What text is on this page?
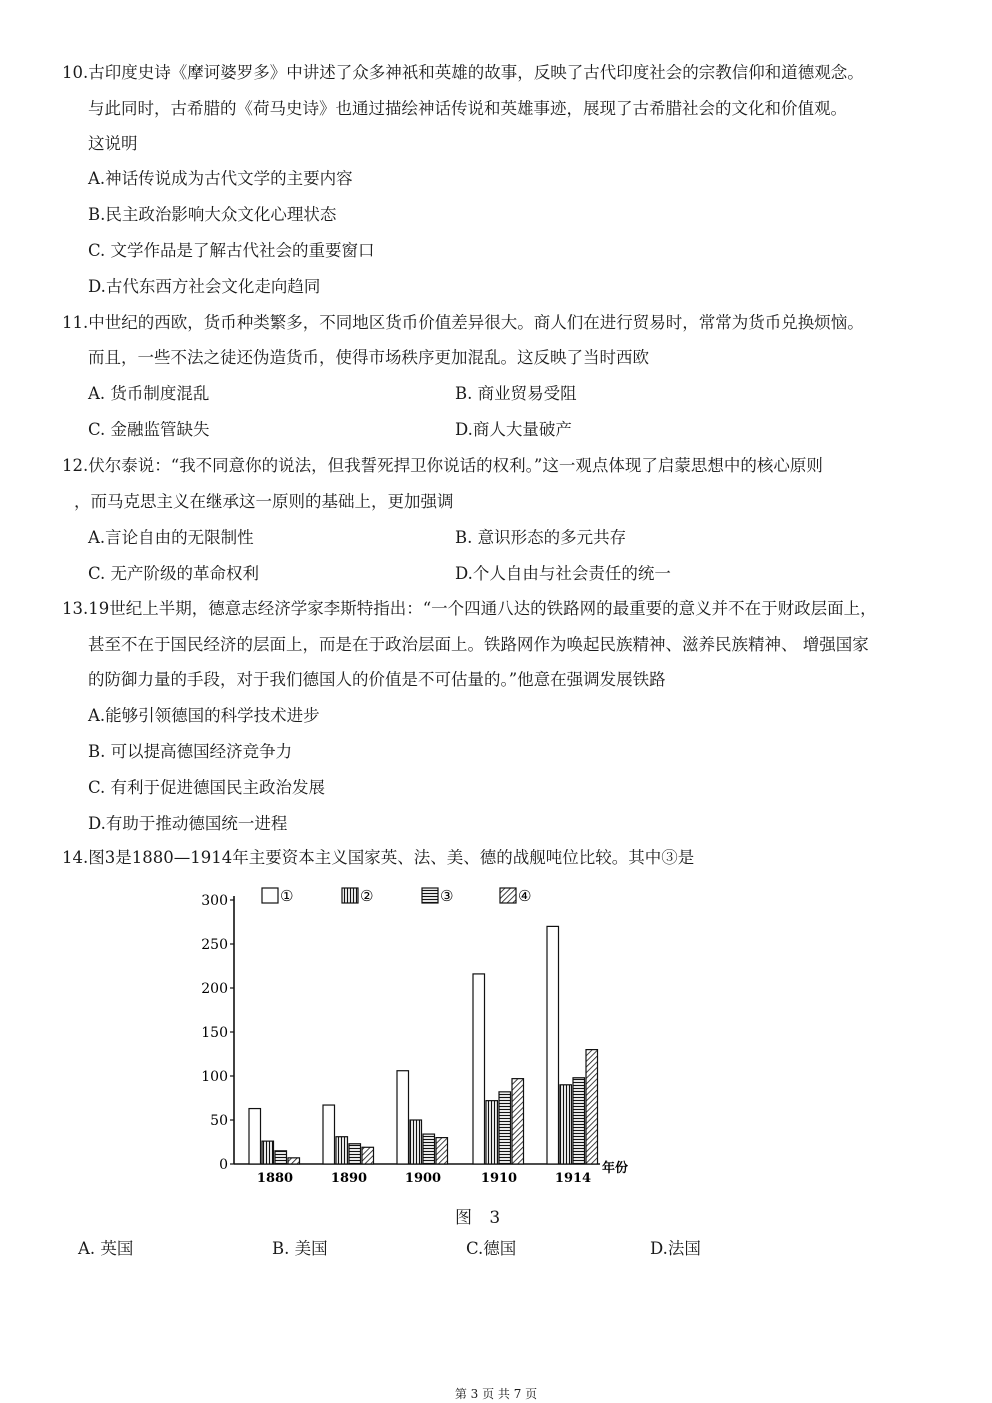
10.古印度史诗《摩诃婆罗多》中讲述了众多神祇和英雄的故事，反映了古代印度社会的宗教信仰和道德观念。
与此同时，古希腊的《荷马史诗》也通过描绘神话传说和英雄事迹，展现了古希腊社会的文化和价值观。
这说明
A.神话传说成为古代文学的主要内容
B.民主政治影响大众文化心理状态
C. 文学作品是了解古代社会的重要窗口
D.古代东西方社会文化走向趋同
11.中世纪的西欧，货币种类繁多，不同地区货币价值差异很大。商人们在进行贸易时，常常为货币兑换烦恼。
而且，一些不法之徒还伪造货币，使得市场秩序更加混乱。这反映了当时西欧
A. 货币制度混乱	B. 商业贸易受阻
C. 金融监管缺失	D.商人大量破产
12.伏尔泰说：“我不同意你的说法，但我誓死捍卫你说话的权利。”这一观点体现了启蒙思想中的核心原则
，而马克思主义在继承这一原则的基础上，更加强调
A.言论自由的无限制性	B. 意识形态的多元共存
C. 无产阶级的革命权利	D.个人自由与社会责任的统一
13.19世纪上半期，德意志经济学家李斯特指出：“一个四通八达的铁路网的最重要的意义并不在于财政层面上，
甚至不在于国民经济的层面上，而是在于政治层面上。铁路网作为唤起民族精神、滋养民族精神、 增强国家
的防御力量的手段，对于我们德国人的价值是不可估量的。”他意在强调发展铁路
A.能够引领德国的科学技术进步
B. 可以提高德国经济竞争力
C. 有利于促进德国民主政治发展
D.有助于推动德国统一进程
14.图3是1880—1914年主要资本主义国家英、法、美、德的战舰吨位比较。其中③是
0
50
100
150
200
250
300
1880	1890	1900	1910	1914
年份
①	②	③	④
图 3
A. 英国	B. 美国	C.德国	D.法国
第 3 页 共 7 页
